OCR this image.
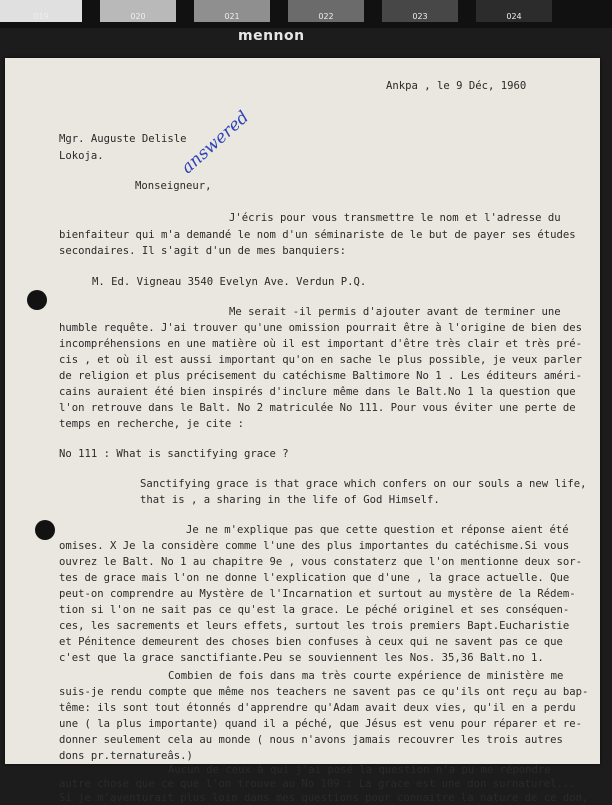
019	020	021	022	023	024
mennon
Ankpa , le 9 Déc, 1960
answered
Mgr. Auguste Delisle
Lokoja.
Monseigneur,
J'écris pour vous transmettre le nom et l'adresse du
bienfaiteur qui m'a demandé le nom d'un séminariste de le but de payer ses études
secondaires. Il s'agit d'un de mes banquiers:
M. Ed. Vigneau 3540 Evelyn Ave. Verdun P.Q.
Me serait -il permis d'ajouter avant de terminer une
humble requête. J'ai trouver qu'une omission pourrait être à l'origine de bien des
incompréhensions en une matière où il est important d'être très clair et très pré-
cis , et où il est aussi important qu'on en sache le plus possible, je veux parler
de religion et plus précisement du catéchisme Baltimore No 1 . Les éditeurs améri-
cains auraient été bien inspirés d'inclure même dans le Balt.No 1 la question que
l'on retrouve dans le Balt. No 2 matriculée No 111. Pour vous éviter une perte de
temps en recherche, je cite :
No 111 : What is sanctifying grace ?
Sanctifying grace is that grace which confers on our souls a new life,
that is , a sharing in the life of God Himself.
Je ne m'explique pas que cette question et réponse aient été
omises. X Je la considère comme l'une des plus importantes du catéchisme.Si vous
ouvrez le Balt. No 1 au chapitre 9e , vous constaterz que l'on mentionne deux sor-
tes de grace mais l'on ne donne l'explication que d'une , la grace actuelle. Que
peut-on comprendre au Mystère de l'Incarnation et surtout au mystère de la Rédem-
tion si l'on ne sait pas ce qu'est la grace. Le péché originel et ses conséquen-
ces, les sacrements et leurs effets, surtout les trois premiers Bapt.Eucharistie
et Pénitence demeurent des choses bien confuses à ceux qui ne savent pas ce que
c'est que la grace sanctifiante.Peu se souviennent les Nos. 35,36 Balt.no 1.
Combien de fois dans ma très courte expérience de ministère me
suis-je rendu compte que même nos teachers ne savent pas ce qu'ils ont reçu au bap-
tême: ils sont tout étonnés d'apprendre qu'Adam avait deux vies, qu'il en a perdu
une ( la plus importante) quand il a péché, que Jésus est venu pour réparer et re-
donner seulement cela au monde ( nous n'avons jamais recouvrer les trois autres
dons pr.ternatureâs.)
Aucun de ceux à qui j'ai posé la question n'a pu me répondre
autre chose que ce que l'on trouve au No 109 : La grace est une don surnaturel...
Si je m'aventurait plus loin dans mes questions pour connaitre la nature de ce don,
